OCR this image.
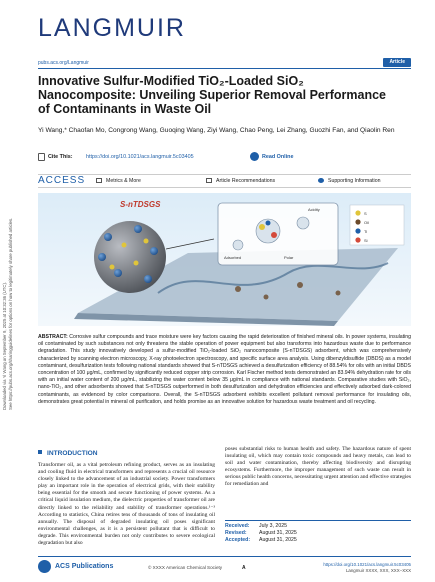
Downloaded via Yi Wang on September 9, 2025 at 10:32:36 (UTC). See https://pubs.acs.org/sharingguidelines for options on how to legitimately share published articles.
LANGMUIR
pubs.acs.org/Langmuir	Article
Innovative Sulfur-Modified TiO₂-Loaded SiO₂ Nanocomposite: Unveiling Superior Removal Performance of Contaminants in Waste Oil
Yi Wang,* Chaofan Mo, Congrong Wang, Guoqing Wang, Ziyi Wang, Chao Peng, Lei Zhang, Guozhi Fan, and Qiaolin Ren
Cite This: https://doi.org/10.1021/acs.langmuir.5c03405	Read Online
ACCESS	Metrics & More	Article Recommendations	Supporting Information
S-nTDSGS
Adsorbed	Polar
Acidity
S
Oil
Ti
Si
ABSTRACT: Corrosive sulfur compounds and trace moisture were key factors causing the rapid deterioration of finished mineral oils. In power systems, insulating oil contaminated by such substances not only threatens the stable operation of power equipment but also transforms into hazardous waste due to performance degradation. This study innovatively developed a sulfur-modified TiO₂-loaded SiO₂ nanocomposite (S-nTDSGS) adsorbent, which was comprehensively characterized by scanning electron microscopy, X-ray photoelectron spectroscopy, and specific surface area analysis. Using dibenzyldisulfide (DBDS) as a model contaminant, desulfurization tests following national standards showed that S-nTDSGS achieved a desulfurization efficiency of 88.54% for oils with an initial DBDS concentration of 100 μg/mL, confirmed by significantly reduced copper strip corrosion. Karl Fischer method tests demonstrated an 83.94% dehydration rate for oils with an initial water content of 200 μg/mL, stabilizing the water content below 35 μg/mL in compliance with national standards. Comparative studies with SiO₂, nano-TiO₂, and other adsorbents showed that S-nTDSGS outperformed in both desulfurization and dehydration efficiencies and effectively adsorbed dark-colored contaminants, as evidenced by color comparisons. Overall, the S-nTDSGS adsorbent exhibits excellent pollutant removal performance for insulating oils, demonstrates great potential in mineral oil purification, and holds promise as an innovative solution for hazardous waste treatment and oil recycling.
INTRODUCTION
Transformer oil, as a vital petroleum refining product, serves as an insulating and cooling fluid in electrical transformers and represents a crucial oil resource closely linked to the advancement of an industrial society. Power transformers play an important role in the operation of electrical grids, with their stability being essential for the smooth and secure functioning of power systems. As a critical liquid insulation medium, the dielectric properties of transformer oil are directly linked to the reliability and stability of transformer operations.¹⁻³ According to statistics, China retires tens of thousands of tons of insulating oil annually. The disposal of degraded insulating oil poses significant environmental challenges, as it is a persistent pollutant that is difficult to degrade. This environmental burden not only contributes to severe ecological degradation but also
poses substantial risks to human health and safety. The hazardous nature of spent insulating oil, which may contain toxic compounds and heavy metals, can lead to soil and water contamination, thereby affecting biodiversity and disrupting ecosystems. Furthermore, the improper management of such waste can result in serious public health concerns, necessitating urgent attention and effective strategies for remediation and
Received:	July 3, 2025
Revised:	August 31, 2025
Accepted:	August 31, 2025
ACS Publications	© XXXX American Chemical Society	A
https://doi.org/10.1021/acs.langmuir.5c03405
Langmuir XXXX, XXX, XXX−XXX
